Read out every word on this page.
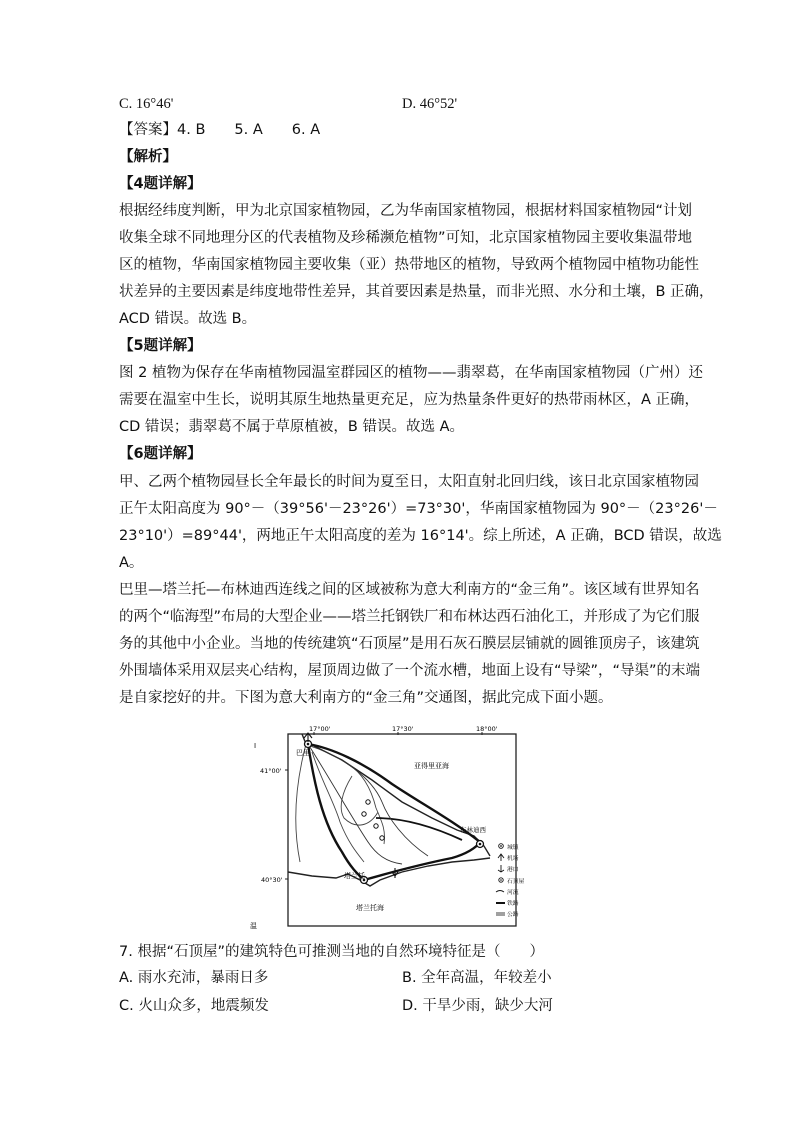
C. 16°46'	D. 46°52'
【答案】4. B　　5. A　　6. A
【解析】
【4题详解】
根据经纬度判断，甲为北京国家植物园，乙为华南国家植物园，根据材料国家植物园“计划
收集全球不同地理分区的代表植物及珍稀濒危植物”可知，北京国家植物园主要收集温带地
区的植物，华南国家植物园主要收集（亚）热带地区的植物，导致两个植物园中植物功能性
状差异的主要因素是纬度地带性差异，其首要因素是热量，而非光照、水分和土壤，B 正确，
ACD 错误。故选 B。
【5题详解】
图 2 植物为保存在华南植物园温室群园区的植物——翡翠葛，在华南国家植物园（广州）还
需要在温室中生长，说明其原生地热量更充足，应为热量条件更好的热带雨林区，A 正确，
CD 错误；翡翠葛不属于草原植被，B 错误。故选 A。
【6题详解】
甲、乙两个植物园昼长全年最长的时间为夏至日，太阳直射北回归线，该日北京国家植物园
正午太阳高度为 90°－（39°56'－23°26'）=73°30'，华南国家植物园为 90°－（23°26'－
23°10'）=89°44'，两地正午太阳高度的差为 16°14'。综上所述，A 正确，BCD 错误，故选
A。
巴里—塔兰托—布林迪西连线之间的区域被称为意大利南方的“金三角”。该区域有世界知名
的两个“临海型”布局的大型企业——塔兰托钢铁厂和布林达西石油化工，并形成了为它们服
务的其他中小企业。当地的传统建筑“石顶屋”是用石灰石膜层层铺就的圆锥顶房子，该建筑
外围墙体采用双层夹心结构，屋顶周边做了一个流水槽，地面上设有“导梁”，“导渠”的末端
是自家挖好的井。下图为意大利南方的“金三角”交通图，据此完成下面小题。
17°00'	17°30'	18°00'
41°00'
40°30'
I
温
巴里
布林迪西
塔兰托
亚得里亚海
塔兰托海
城镇
机场
港口
石顶屋
河流
铁路
公路
7. 根据“石顶屋”的建筑特色可推测当地的自然环境特征是（　　）
A. 雨水充沛，暴雨日多	B. 全年高温，年较差小
C. 火山众多，地震频发	D. 干旱少雨，缺少大河
